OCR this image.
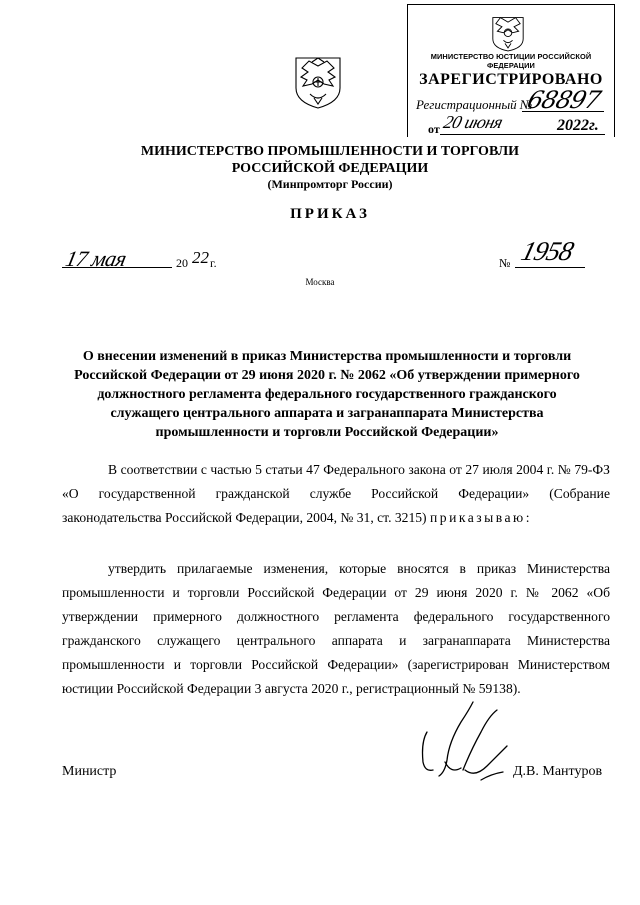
МИНИСТЕРСТВО ЮСТИЦИИ РОССИЙСКОЙ ФЕДЕРАЦИИ
ЗАРЕГИСТРИРОВАНО
Регистрационный №
68897
от 20 июня	2022г.
МИНИСТЕРСТВО ПРОМЫШЛЕННОСТИ И ТОРГОВЛИ
РОССИЙСКОЙ ФЕДЕРАЦИИ
(Минпромторг России)
ПРИКАЗ
17 мая	20 г.
22	№ 1958
Москва
О внесении изменений в приказ Министерства промышленности и торговли Российской Федерации от 29 июня 2020 г. № 2062 «Об утверждении примерного должностного регламента федерального государственного гражданского служащего центрального аппарата и загранаппарата Министерства промышленности и торговли Российской Федерации»
В соответствии с частью 5 статьи 47 Федерального закона от 27 июля 2004 г. № 79-ФЗ «О государственной гражданской службе Российской Федерации» (Собрание законодательства Российской Федерации, 2004, № 31, ст. 3215) приказываю:
утвердить прилагаемые изменения, которые вносятся в приказ Министерства промышленности и торговли Российской Федерации от 29 июня 2020 г. № 2062 «Об утверждении примерного должностного регламента федерального государственного гражданского служащего центрального аппарата и загранаппарата Министерства промышленности и торговли Российской Федерации» (зарегистрирован Министерством юстиции Российской Федерации 3 августа 2020 г., регистрационный № 59138).
Министр	Д.В. Мантуров
